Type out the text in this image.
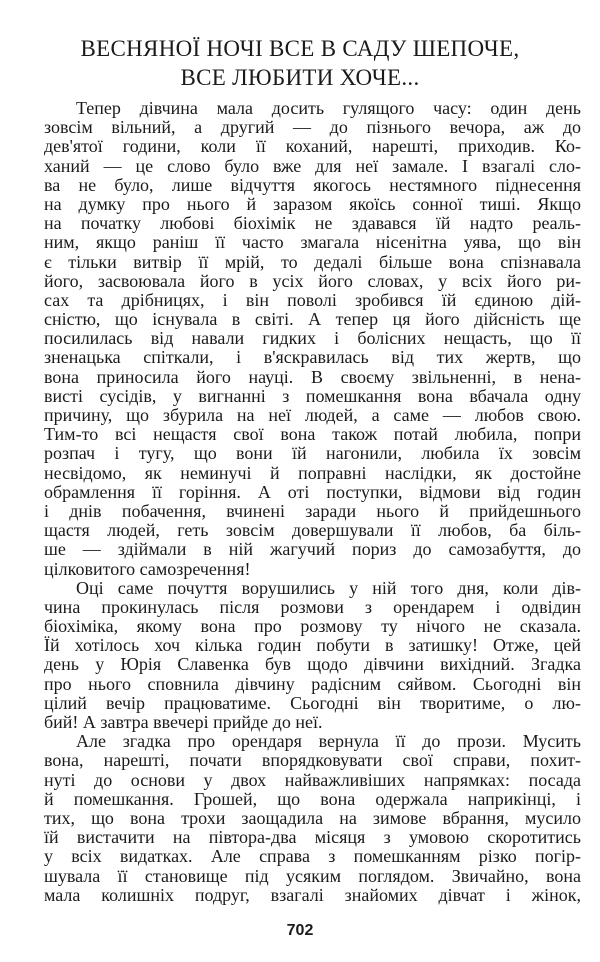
ВЕСНЯНОЇ НОЧІ ВСЕ В САДУ ШЕПОЧЕ,
ВСЕ ЛЮБИТИ ХОЧЕ...
Тепер дівчина мала досить гулящого часу: один день
зовсім вільний, а другий — до пізнього вечора, аж до
дев'ятої години, коли її коханий, нарешті, приходив. Ко-
ханий — це слово було вже для неї замале. І взагалі сло-
ва не було, лише відчуття якогось нестямного піднесення
на думку про нього й заразом якоїсь сонної тиші. Якщо
на початку любові біохімік не здавався їй надто реаль-
ним, якщо раніш її часто змагала нісенітна уява, що він
є тільки витвір її мрій, то дедалі більше вона спізнавала
його, засвоювала його в усіх його словах, у всіх його ри-
сах та дрібницях, і він поволі зробився їй єдиною дій-
сністю, що існувала в світі. А тепер ця його дійсність ще
посилилась від навали гидких і болісних нещасть, що її
зненацька спіткали, і в'яскравилась від тих жертв, що
вона приносила його науці. В своєму звільненні, в нена-
висті сусідів, у вигнанні з помешкання вона вбачала одну
причину, що збурила на неї людей, а саме — любов свою.
Тим-то всі нещастя свої вона також потай любила, попри
розпач і тугу, що вони їй нагонили, любила їх зовсім
несвідомо, як неминучі й поправні наслідки, як достойне
обрамлення її горіння. А оті поступки, відмови від годин
і днів побачення, вчинені заради нього й прийдешнього
щастя людей, геть зовсім довершували її любов, ба біль-
ше — здіймали в ній жагучий пориз до самозабуття, до
цілковитого самозречення!
Оці саме почуття ворушились у ній того дня, коли дів-
чина прокинулась після розмови з орендарем і одвідин
біохіміка, якому вона про розмову ту нічого не сказала.
Їй хотілось хоч кілька годин побути в затишку! Отже, цей
день у Юрія Славенка був щодо дівчини вихідний. Згадка
про нього сповнила дівчину радісним сяйвом. Сьогодні він
цілий вечір працюватиме. Сьогодні він творитиме, о лю-
бий! А завтра ввечері прийде до неї.
Але згадка про орендаря вернула її до прози. Мусить
вона, нарешті, почати впорядковувати свої справи, похит-
нуті до основи у двох найважливіших напрямках: посада
й помешкання. Грошей, що вона одержала наприкінці, і
тих, що вона трохи заощадила на зимове вбрання, мусило
їй вистачити на півтора-два місяця з умовою скоротитись
у всіх видатках. Але справа з помешканням різко погір-
шувала її становище під усяким поглядом. Звичайно, вона
мала колишніх подруг, взагалі знайомих дівчат і жінок,
702
